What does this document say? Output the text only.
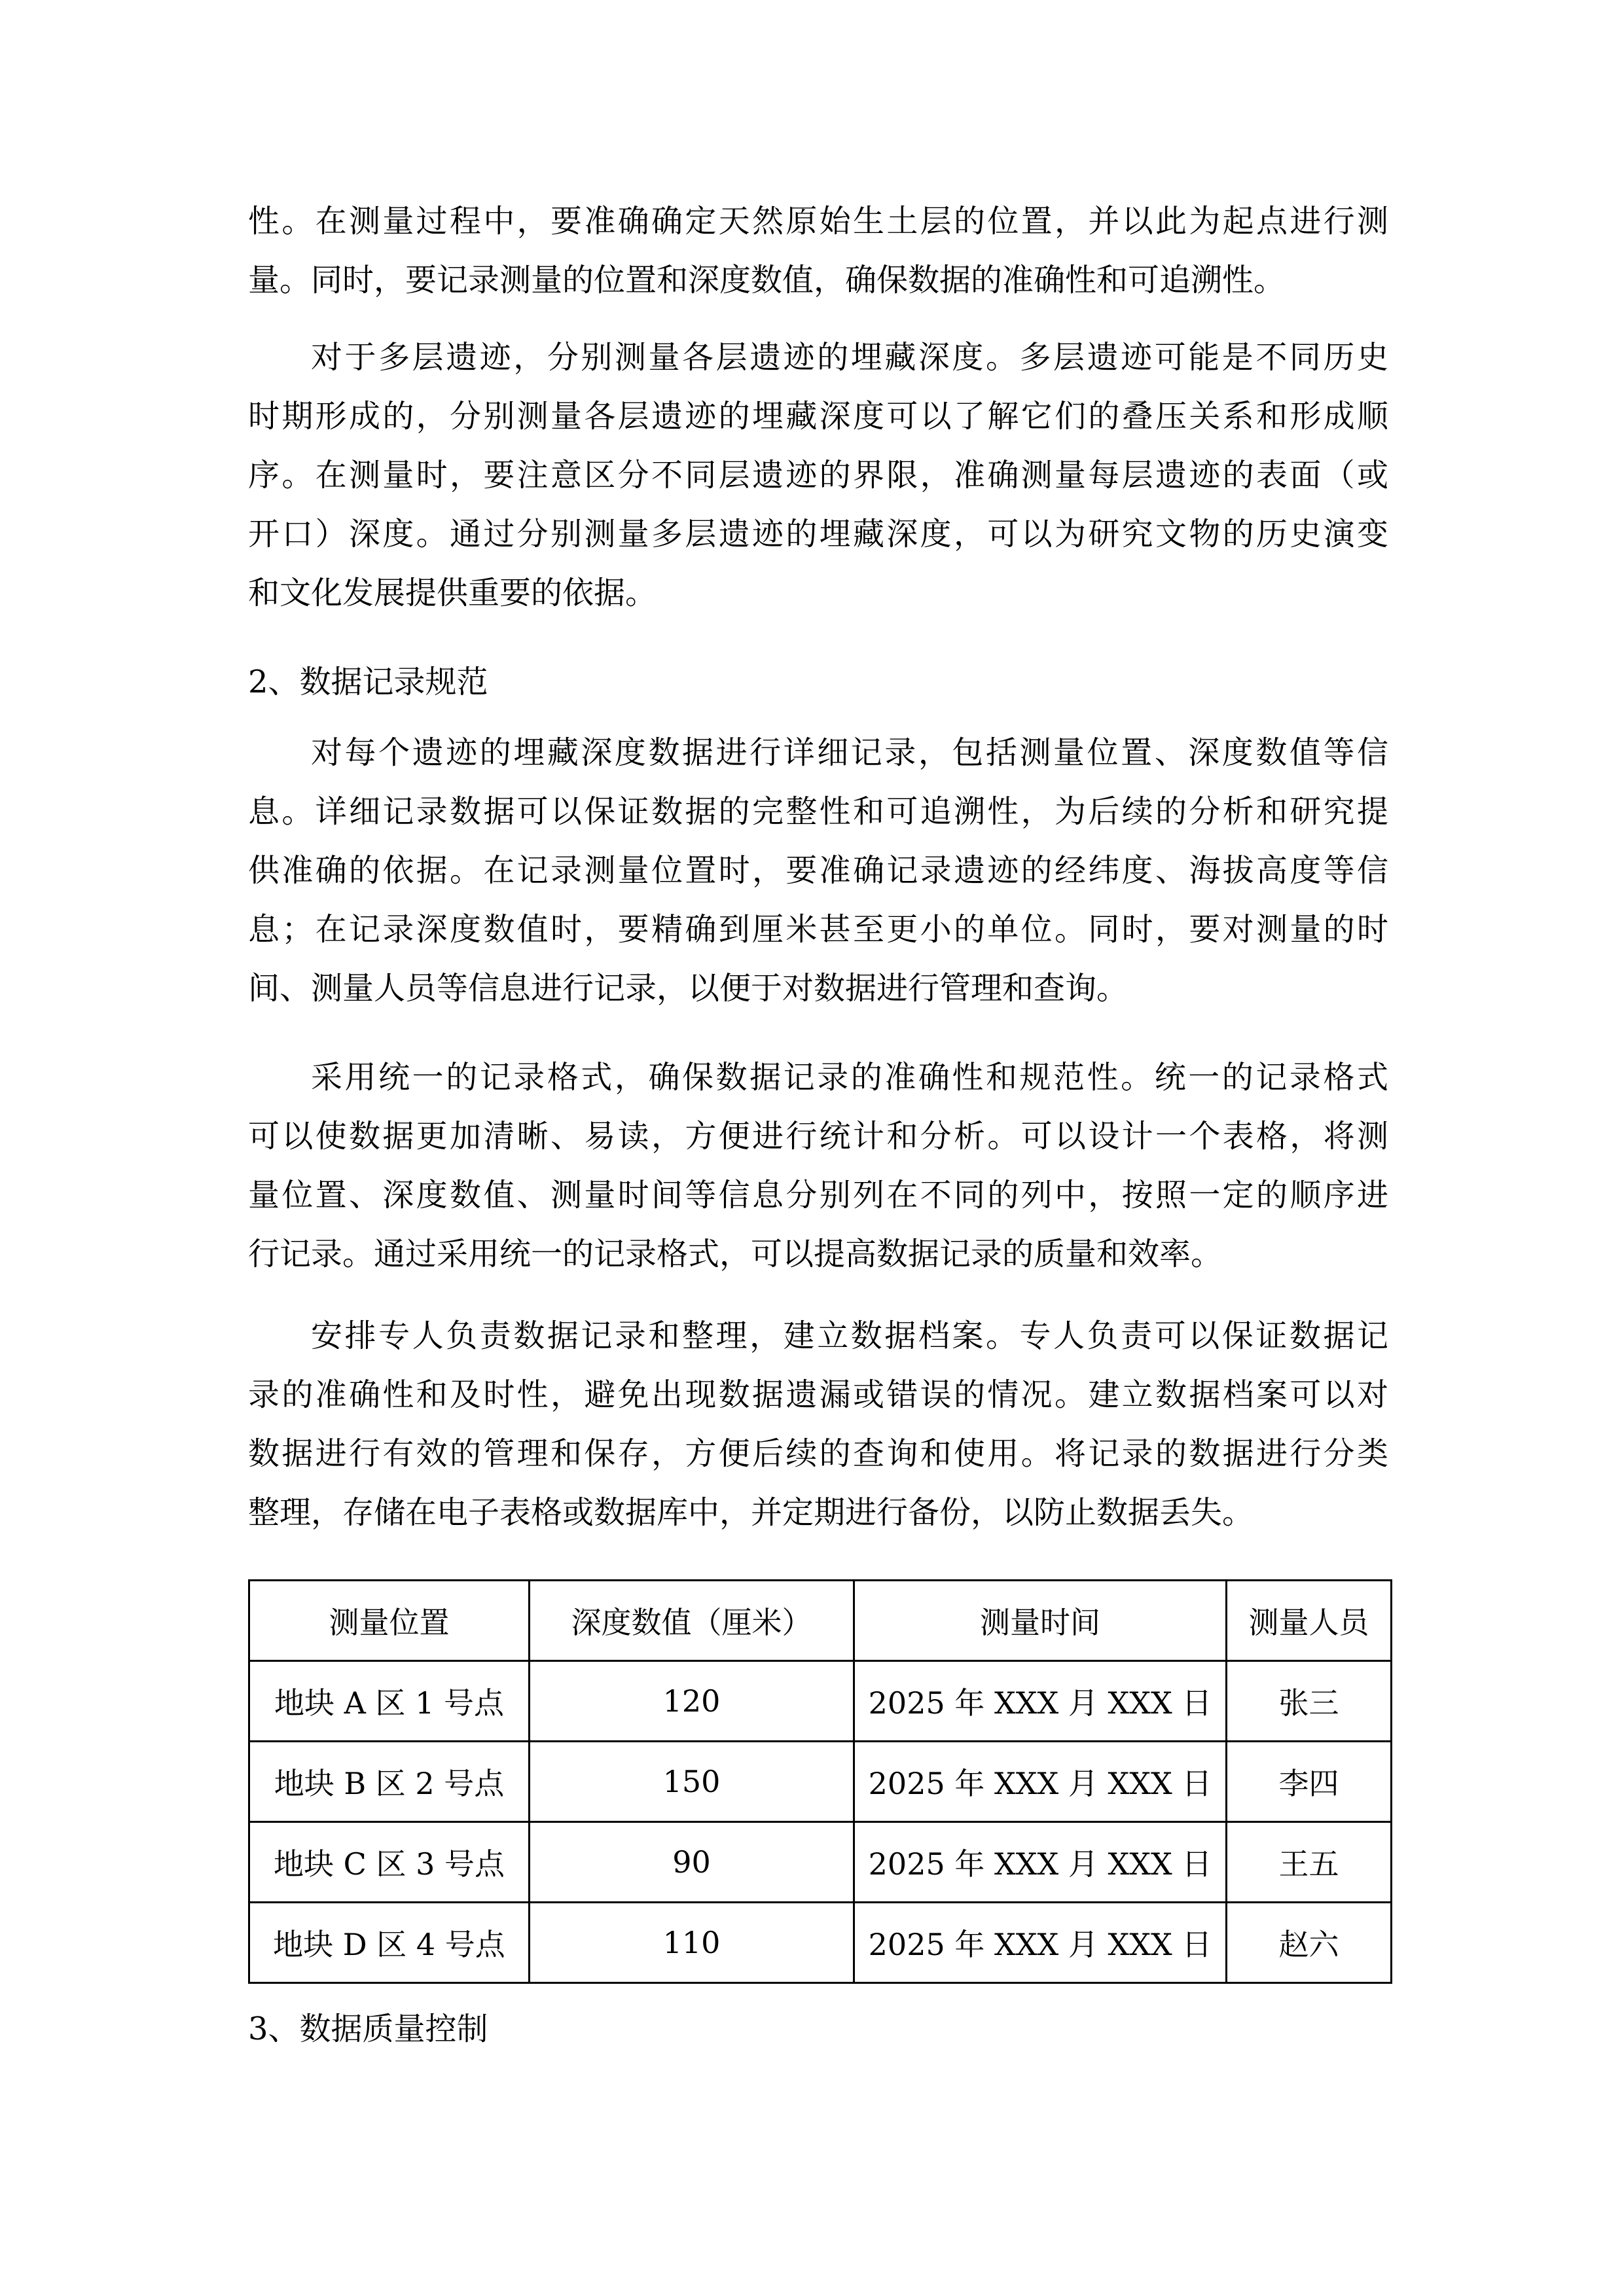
性。在测量过程中，要准确确定天然原始生土层的位置，并以此为起点进行测
量。同时，要记录测量的位置和深度数值，确保数据的准确性和可追溯性。
对于多层遗迹，分别测量各层遗迹的埋藏深度。多层遗迹可能是不同历史
时期形成的，分别测量各层遗迹的埋藏深度可以了解它们的叠压关系和形成顺
序。在测量时，要注意区分不同层遗迹的界限，准确测量每层遗迹的表面（或
开口）深度。通过分别测量多层遗迹的埋藏深度，可以为研究文物的历史演变
和文化发展提供重要的依据。
2、数据记录规范
对每个遗迹的埋藏深度数据进行详细记录，包括测量位置、深度数值等信
息。详细记录数据可以保证数据的完整性和可追溯性，为后续的分析和研究提
供准确的依据。在记录测量位置时，要准确记录遗迹的经纬度、海拔高度等信
息；在记录深度数值时，要精确到厘米甚至更小的单位。同时，要对测量的时
间、测量人员等信息进行记录，以便于对数据进行管理和查询。
采用统一的记录格式，确保数据记录的准确性和规范性。统一的记录格式
可以使数据更加清晰、易读，方便进行统计和分析。可以设计一个表格，将测
量位置、深度数值、测量时间等信息分别列在不同的列中，按照一定的顺序进
行记录。通过采用统一的记录格式，可以提高数据记录的质量和效率。
安排专人负责数据记录和整理，建立数据档案。专人负责可以保证数据记
录的准确性和及时性，避免出现数据遗漏或错误的情况。建立数据档案可以对
数据进行有效的管理和保存，方便后续的查询和使用。将记录的数据进行分类
整理，存储在电子表格或数据库中，并定期进行备份，以防止数据丢失。
测量位置	深度数值（厘米）	测量时间	测量人员
地块 A 区 1 号点	120	2025 年 XXX 月 XXX 日	张三
地块 B 区 2 号点	150	2025 年 XXX 月 XXX 日	李四
地块 C 区 3 号点	90	2025 年 XXX 月 XXX 日	王五
地块 D 区 4 号点	110	2025 年 XXX 月 XXX 日	赵六
3、数据质量控制
